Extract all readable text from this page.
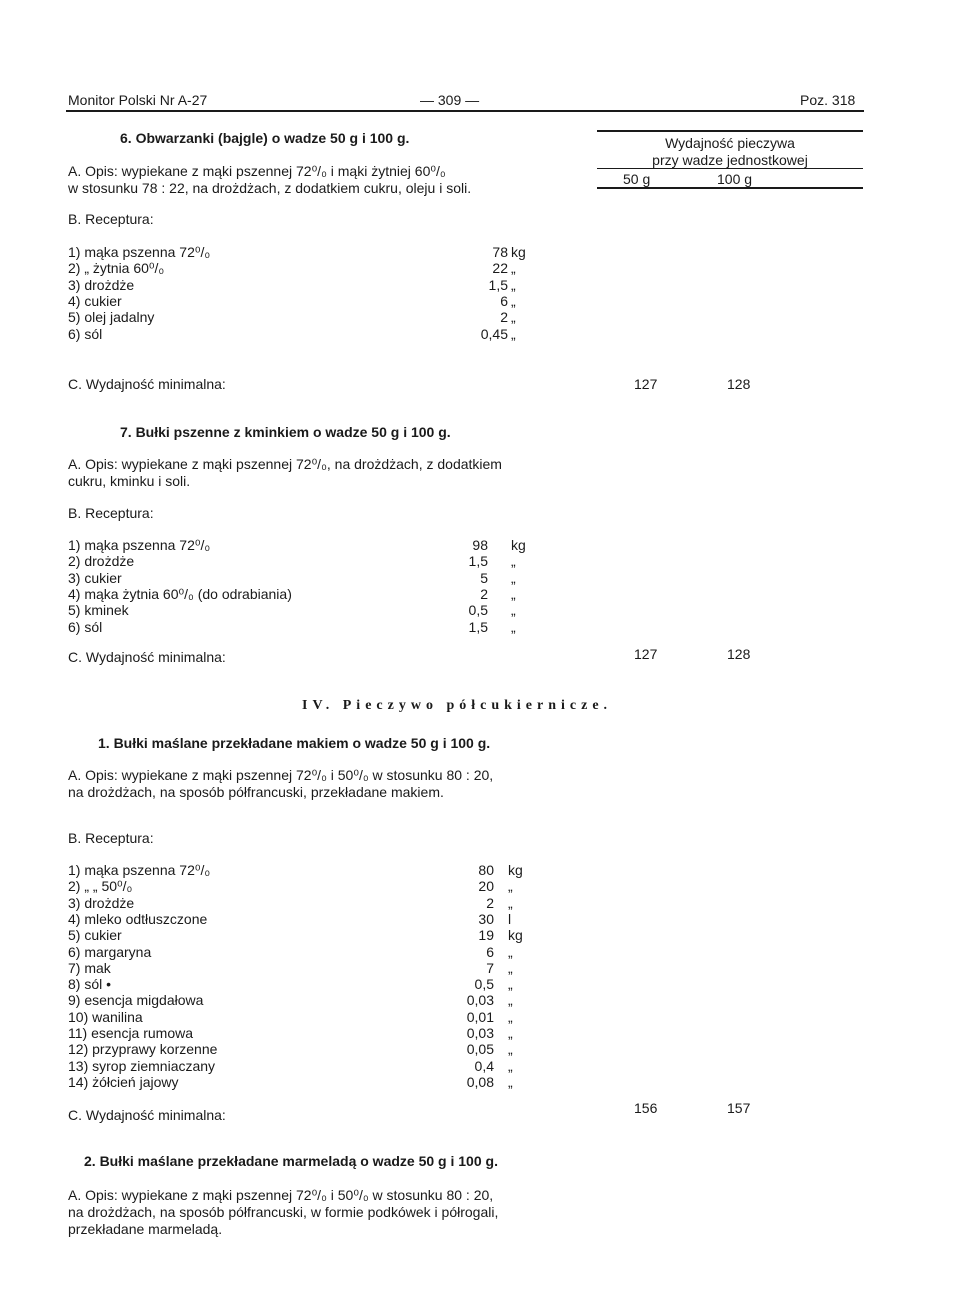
Monitor Polski Nr A-27	— 309 —	Poz. 318
Wydajność pieczywa
przy wadze jednostkowej
50 g	100 g
6. Obwarzanki (bajgle) o wadze 50 g i 100 g.
A. Opis: wypiekane z mąki pszennej 72⁰/₀ i mąki żytniej 60⁰/₀
w stosunku 78 : 22, na drożdżach, z dodatkiem cukru, oleju i soli.
B. Receptura:
1) mąka pszenna 72⁰/₀	78 kg
2) „ żytnia 60⁰/₀	22 „
3) drożdże	1,5 „
4) cukier	6 „
5) olej jadalny	2 „
6) sól	0,45 „
C. Wydajność minimalna:	127	128
7. Bułki pszenne z kminkiem o wadze 50 g i 100 g.
A. Opis: wypiekane z mąki pszennej 72⁰/₀, na drożdżach, z dodatkiem
cukru, kminku i soli.
B. Receptura:
1) mąka pszenna 72⁰/₀	98 kg
2) drożdże	1,5 „
3) cukier	5 „
4) mąka żytnia 60⁰/₀ (do odrabiania)	2 „
5) kminek	0,5 „
6) sól	1,5 „
C. Wydajność minimalna:	127	128
IV. Pieczywo półcukiernicze.
1. Bułki maślane przekładane makiem o wadze 50 g i 100 g.
A. Opis: wypiekane z mąki pszennej 72⁰/₀ i 50⁰/₀ w stosunku 80 : 20,
na drożdżach, na sposób półfrancuski, przekładane makiem.
B. Receptura:
1) mąka pszenna 72⁰/₀	80 kg
2) „ „ 50⁰/₀	20 „
3) drożdże	2 „
4) mleko odtłuszczone	30 l
5) cukier	19 kg
6) margaryna	6 „
7) mak	7 „
8) sól •	0,5 „
9) esencja migdałowa	0,03 „
10) wanilina	0,01 „
11) esencja rumowa	0,03 „
12) przyprawy korzenne	0,05 „
13) syrop ziemniaczany	0,4 „
14) żółcień jajowy	0,08 „
C. Wydajność minimalna:	156	157
2. Bułki maślane przekładane marmeladą o wadze 50 g i 100 g.
A. Opis: wypiekane z mąki pszennej 72⁰/₀ i 50⁰/₀ w stosunku 80 : 20,
na drożdżach, na sposób półfrancuski, w formie podkówek i półrogali,
przekładane marmeladą.
